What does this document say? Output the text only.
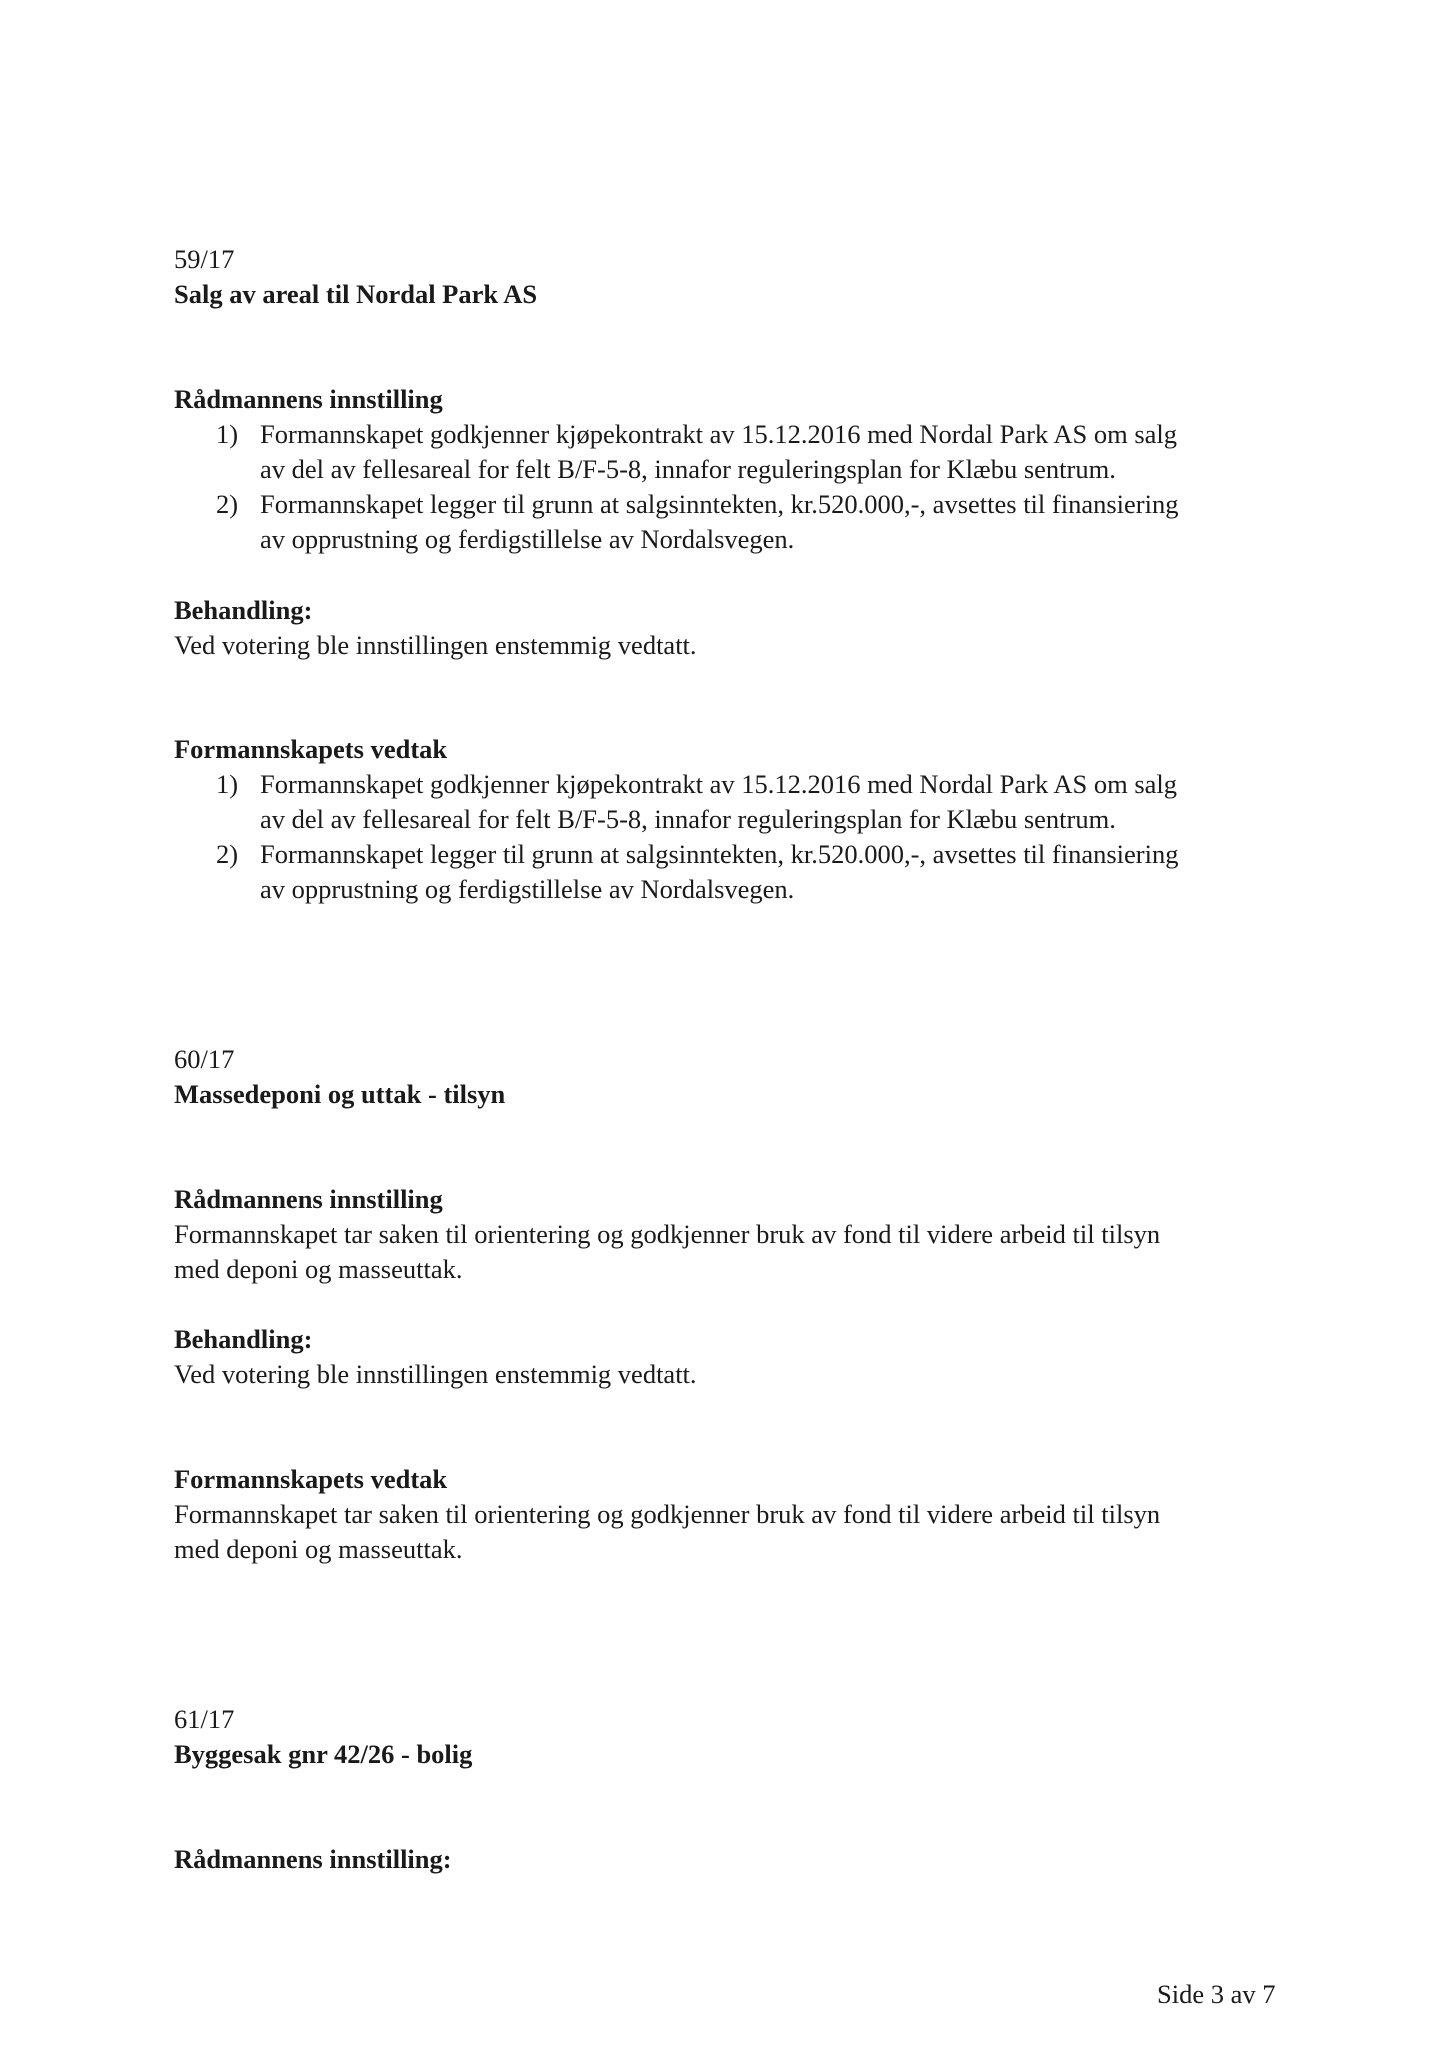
59/17

Salg av areal til Nordal Park AS

Rådmannens innstilling

1) Formannskapet godkjenner kjøpekontrakt av 15.12.2016 med Nordal Park AS om salg
av del av fellesareal for felt B/F-5-8, innafor reguleringsplan for Klæbu sentrum.
2) Formannskapet legger til grunn at salgsinntekten, kr.520.000,-, avsettes til finansiering
av opprustning og ferdigstillelse av Nordalsvegen.

Behandling:

Ved votering ble innstillingen enstemmig vedtatt.

Formannskapets vedtak

1) Formannskapet godkjenner kjøpekontrakt av 15.12.2016 med Nordal Park AS om salg
av del av fellesareal for felt B/F-5-8, innafor reguleringsplan for Klæbu sentrum.
2) Formannskapet legger til grunn at salgsinntekten, kr.520.000,-, avsettes til finansiering
av opprustning og ferdigstillelse av Nordalsvegen.

60/17

Massedeponi og uttak - tilsyn

Rådmannens innstilling

Formannskapet tar saken til orientering og godkjenner bruk av fond til videre arbeid til tilsyn

med deponi og masseuttak.

Behandling:

Ved votering ble innstillingen enstemmig vedtatt.

Formannskapets vedtak

Formannskapet tar saken til orientering og godkjenner bruk av fond til videre arbeid til tilsyn

med deponi og masseuttak.

61/17

Byggesak gnr 42/26 - bolig

Rådmannens innstilling:

Side 3 av 7
